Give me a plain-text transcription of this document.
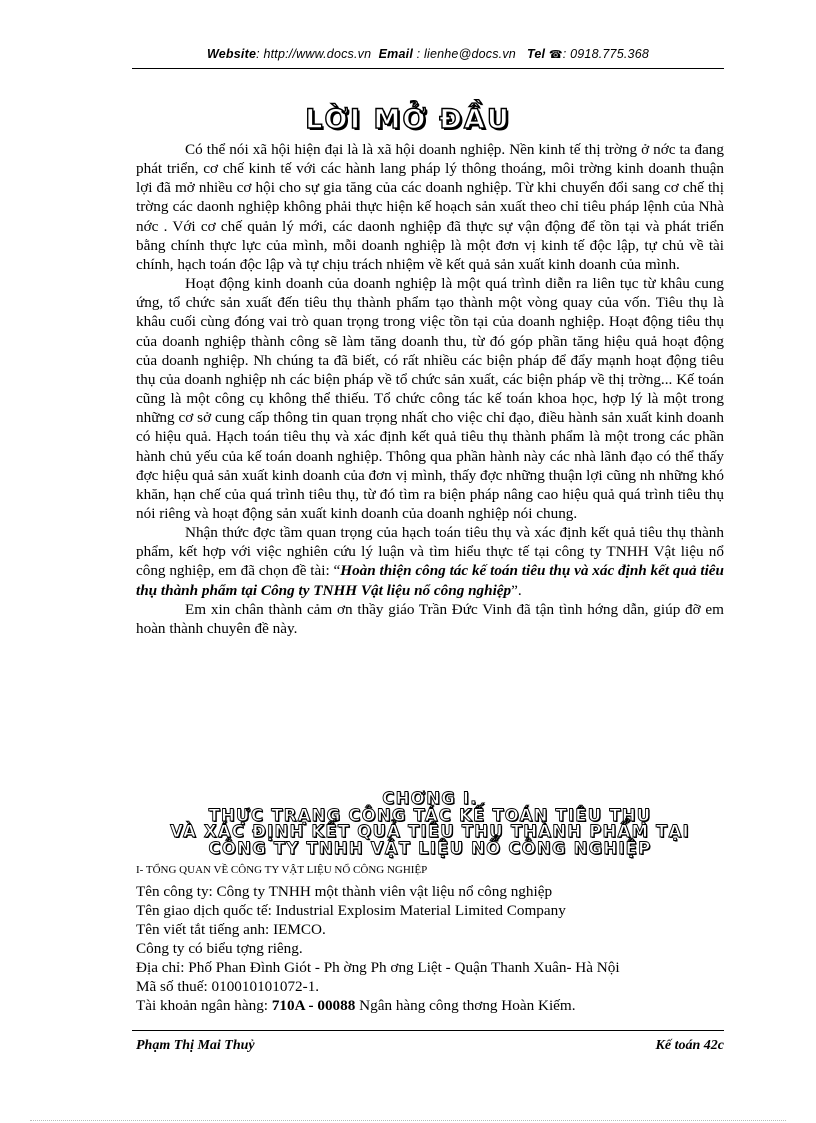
Website: http://www.docs.vn Email : lienhe@docs.vn Tel ☎: 0918.775.368
LỜI MỞ ĐẦU

Có thể nói xã hội hiện đại là là xã hội doanh nghiệp. Nền kinh tế thị trờng ở nớc ta đang phát triển, cơ chế kinh tế với các hành lang pháp lý thông thoáng, môi trờng kinh doanh thuận lợi đã mở nhiều cơ hội cho sự gia tăng của các doanh nghiệp. Từ khi chuyển đổi sang cơ chế thị trờng các daonh nghiệp không phải thực hiện kế hoạch sản xuất theo chỉ tiêu pháp lệnh của Nhà nớc . Với cơ chế quản lý mới, các daonh nghiệp đã thực sự vận động để tồn tại và phát triển bằng chính thực lực của mình, mỗi doanh nghiệp là một đơn vị kinh tế độc lập, tự chủ về tài chính, hạch toán độc lập và tự chịu trách nhiệm về kết quả sản xuất kinh doanh của mình.

Hoạt động kinh doanh của doanh nghiệp là một quá trình diễn ra liên tục từ khâu cung ứng, tổ chức sản xuất đến tiêu thụ thành phẩm tạo thành một vòng quay của vốn. Tiêu thụ là khâu cuối cùng đóng vai trò quan trọng trong việc tồn tại của doanh nghiệp. Hoạt động tiêu thụ của doanh nghiệp thành công sẽ làm tăng doanh thu, từ đó góp phần tăng hiệu quả hoạt động của doanh nghiệp. Nh chúng ta đã biết, có rất nhiều các biện pháp để đẩy mạnh hoạt động tiêu thụ của doanh nghiệp nh các biện pháp về tổ chức sản xuất, các biện pháp về thị trờng... Kế toán cũng là một công cụ không thể thiếu. Tổ chức công tác kế toán khoa học, hợp lý là một trong những cơ sở cung cấp thông tin quan trọng nhất cho việc chỉ đạo, điều hành sản xuất kinh doanh có hiệu quả. Hạch toán tiêu thụ và xác định kết quả tiêu thụ thành phẩm là một trong các phần hành chủ yếu của kế toán doanh nghiệp. Thông qua phần hành này các nhà lãnh đạo có thể thấy đợc hiệu quả sản xuất kinh doanh của đơn vị mình, thấy đợc những thuận lợi cũng nh những khó khăn, hạn chế của quá trình tiêu thụ, từ đó tìm ra biện pháp nâng cao hiệu quả quá trình tiêu thụ nói riêng và hoạt động sản xuất kinh doanh của doanh nghiệp nói chung.

Nhận thức đợc tầm quan trọng của hạch toán tiêu thụ và xác định kết quả tiêu thụ thành phẩm, kết hợp với việc nghiên cứu lý luận và tìm hiểu thực tế tại công ty TNHH Vật liệu nổ công nghiệp, em đã chọn đề tài: “Hoàn thiện công tác kế toán tiêu thụ và xác định kết quả tiêu thụ thành phẩm tại Công ty TNHH Vật liệu nổ công nghiệp”.

Em xin chân thành cảm ơn thầy giáo Trần Đức Vinh đã tận tình hớng dẫn, giúp đỡ em hoàn thành chuyên đề này.

CHƠNG I.
THỰC TRẠNG CÔNG TÁC KẾ TOÁN TIÊU THỤ
VÀ XÁC ĐỊNH KẾT QUẢ TIÊU THỤ THÀNH PHẨM TẠI
CÔNG TY TNHH VẬT LIỆU NỔ CÔNG NGHIỆP
I- TỔNG QUAN VỀ CÔNG TY VẬT LIỆU NỔ CÔNG NGHIỆP
Tên công ty: Công ty TNHH một thành viên vật liệu nổ công nghiệp
Tên giao dịch quốc tế: Industrial Explosim Material Limited Company
Tên viết tắt tiếng anh: IEMCO.
Công ty có biểu tợng riêng.
Địa chỉ: Phố Phan Đình Giót - Ph ờng Ph ơng Liệt - Quận Thanh Xuân- Hà Nội
Mã số thuế: 010010101072-1.
Tài khoản ngân hàng: 710A - 00088 Ngân hàng công thơng Hoàn Kiếm.
Phạm Thị Mai Thuỷ	Kế toán 42c
